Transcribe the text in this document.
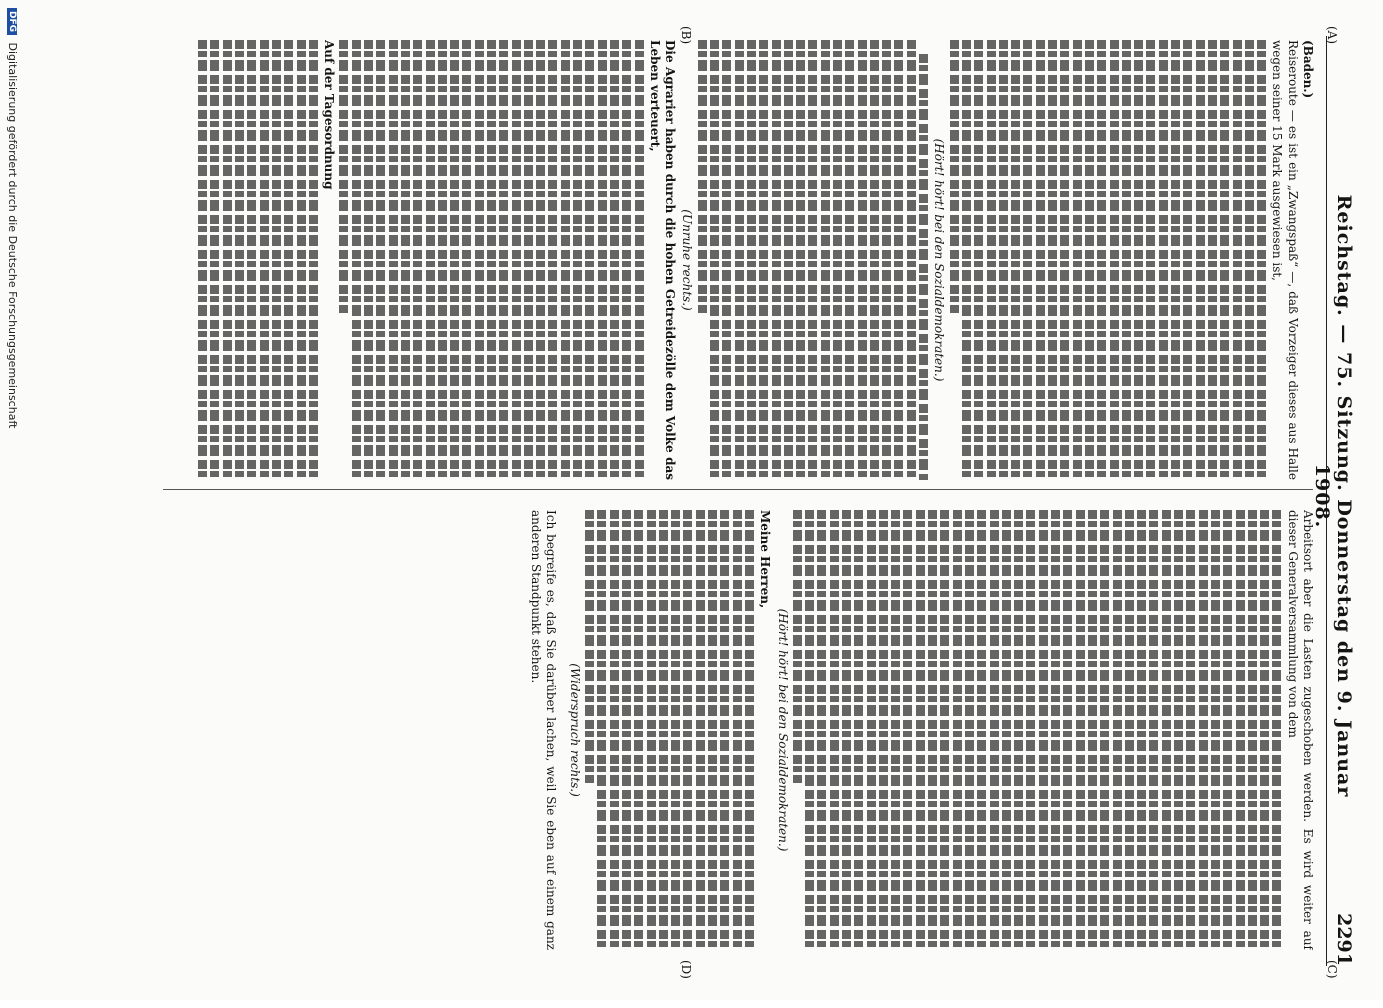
Reichstag. — 75. Sitzung. Donnerstag den 9. Januar 1908.
2291
(A)
(B)
(C)
(D)
(Baden.)
Reiseroute — es ist ein „Zwangspaß“ —, daß Vorzeiger dieses aus Halle wegen seiner 15 Mark ausgewiesen ist,
(Hört! hört! bei den Sozialdemokraten.)
(Unruhe rechts.)
Die Agrarier haben durch die hohen Getreidezölle dem Volke das Leben verteuert,
Auf der Tagesordnung
Arbeitsort aber die Lasten zugeschoben werden. Es wird weiter auf dieser Generalversammlung von dem
(Hört! hört! bei den Sozialdemokraten.)
Meine Herren,
(Widerspruch rechts.)
Ich begreife es, daß Sie darüber lachen, weil Sie eben auf einem ganz anderen Standpunkt stehen.
DFG Digitalisierung gefördert durch die Deutsche Forschungsgemeinschaft
